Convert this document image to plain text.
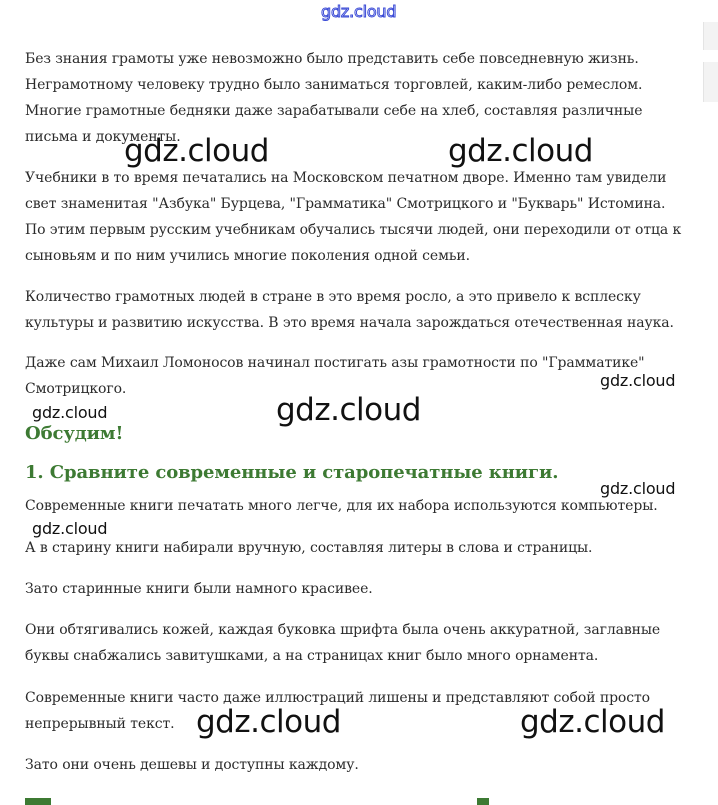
gdz.cloud

Без знания грамоты уже невозможно было представить себе повседневную жизнь. Неграмотному человеку трудно было заниматься торговлей, каким-либо ремеслом. Многие грамотные бедняки даже зарабатывали себе на хлеб, составляя различные письма и документы.

Учебники в то время печатались на Московском печатном дворе. Именно там увидели свет знаменитая "Азбука" Бурцева, "Грамматика" Смотрицкого и "Букварь" Истомина. По этим первым русским учебникам обучались тысячи людей, они переходили от отца к сыновьям и по ним учились многие поколения одной семьи.

Количество грамотных людей в стране в это время росло, а это привело к всплеску культуры и развитию искусства. В это время начала зарождаться отечественная наука.

Даже сам Михаил Ломоносов начинал постигать азы грамотности по "Грамматике" Смотрицкого.

Обсудим!
1. Сравните современные и старопечатные книги.

Современные книги печатать много легче, для их набора используются компьютеры.

А в старину книги набирали вручную, составляя литеры в слова и страницы.

Зато старинные книги были намного красивее.

Они обтягивались кожей, каждая буковка шрифта была очень аккуратной, заглавные буквы снабжались завитушками, а на страницах книг было много орнамента.

Современные книги часто даже иллюстраций лишены и представляют собой просто непрерывный текст.

Зато они очень дешевы и доступны каждому.

gdz.cloud	gdz.cloud
gdz.cloud
gdz.cloud	gdz.cloud
gdz.cloud
gdz.cloud
gdz.cloud	gdz.cloud
